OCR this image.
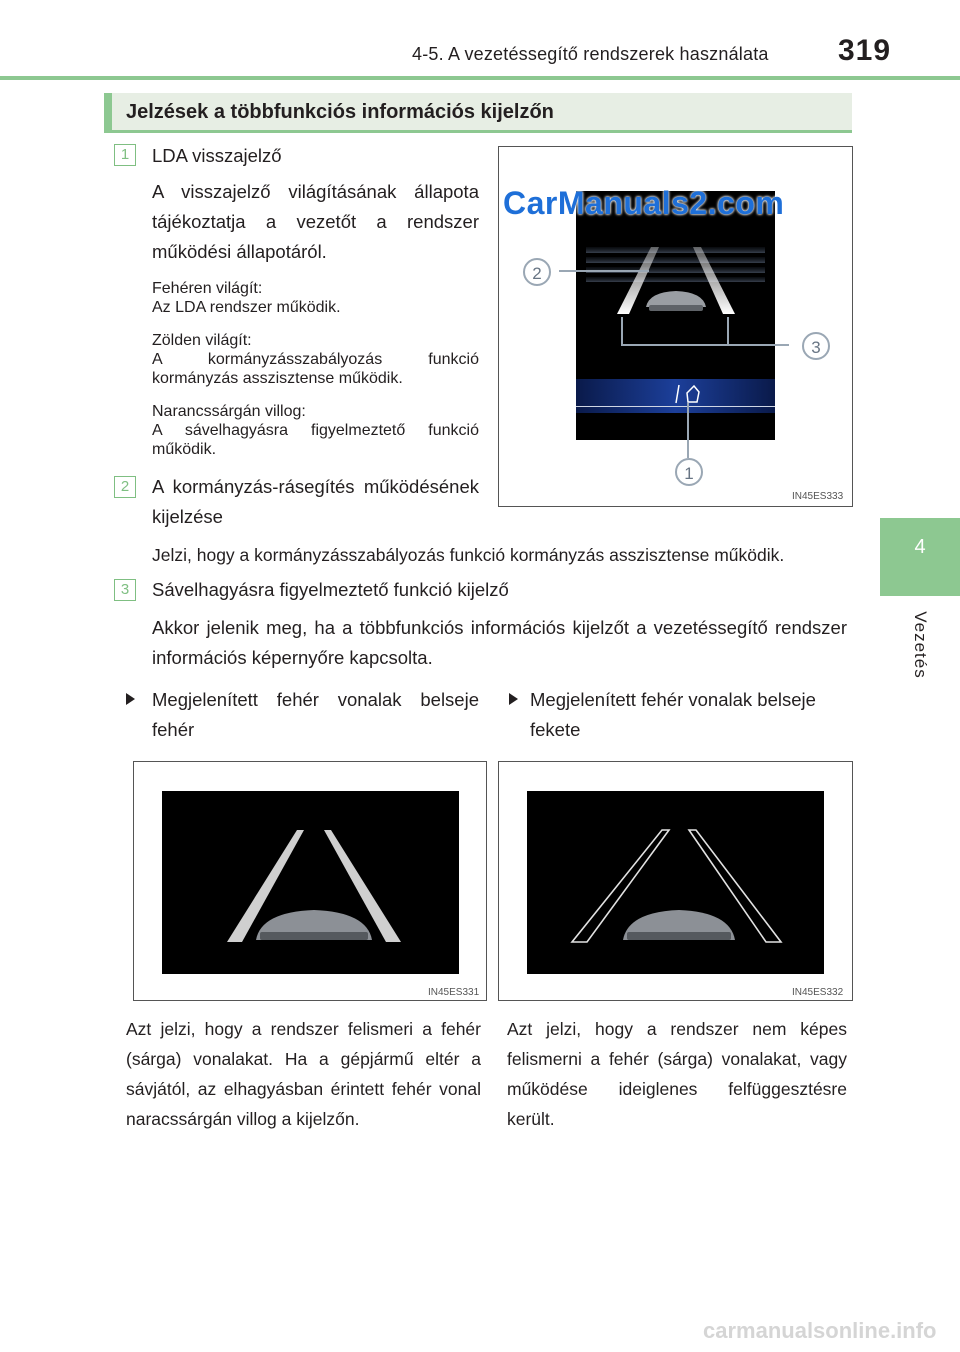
4-5. A vezetéssegítő rendszerek használata 319
4
Vezetés
Jelzések a többfunkciós információs kijelzőn
1	LDA visszajelző
A visszajelző világításának állapota tájékoztatja a vezetőt a rendszer működési állapotáról.
Fehéren világít:
Az LDA rendszer működik.
Zölden világít:
A kormányzásszabályozás funkció kormányzás asszisztense működik.
Narancssárgán villog:
A sávelhagyásra figyelmeztető funkció működik.
2	A kormányzás-rásegítés működésének kijelzése
Jelzi, hogy a kormányzásszabályozás funkció kormányzás asszisztense működik.
3	Sávelhagyásra figyelmeztető funkció kijelző
Akkor jelenik meg, ha a többfunkciós információs kijelzőt a vezetéssegítő rendszer információs képernyőre kapcsolta.
CarManuals2.com
2
3
1
IN45ES333
Megjelenített fehér vonalak belseje fehér
Megjelenített fehér vonalak belseje fekete
IN45ES331	IN45ES332
Azt jelzi, hogy a rendszer felismeri a fehér (sárga) vonalakat. Ha a gépjármű eltér a sávjától, az elhagyásban érintett fehér vonal naracssárgán villog a kijelzőn.
Azt jelzi, hogy a rendszer nem képes felismerni a fehér (sárga) vonalakat, vagy működése ideiglenes felfüggesztésre került.
carmanualsonline.info
